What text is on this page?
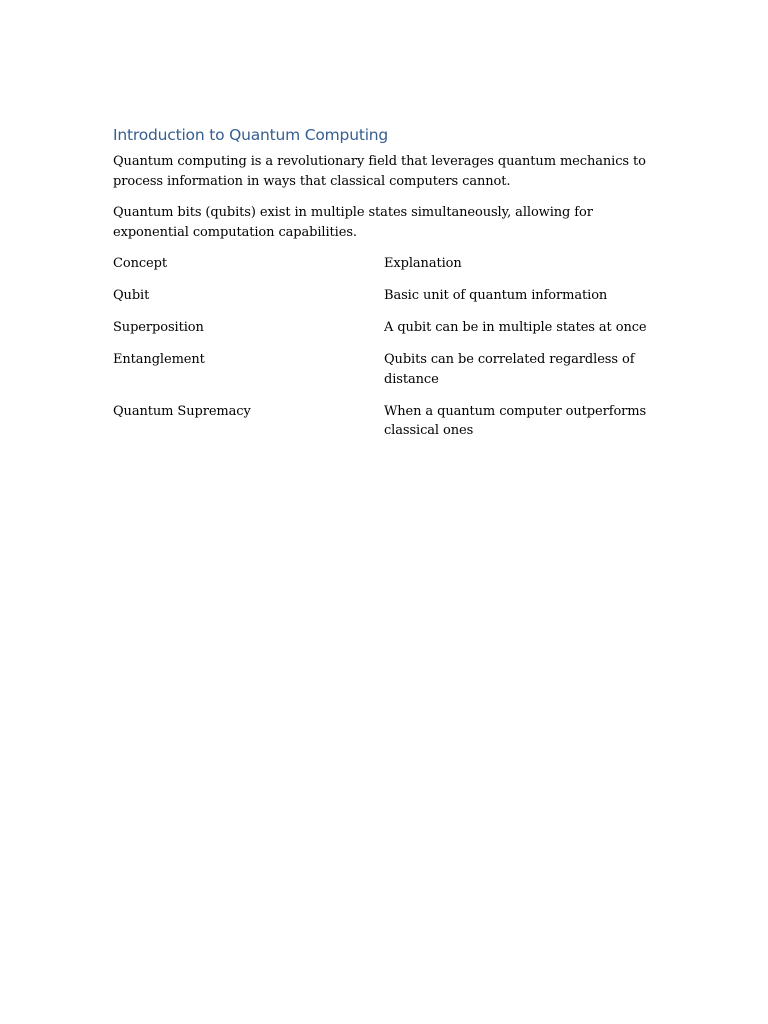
Introduction to Quantum Computing

Quantum computing is a revolutionary field that leverages quantum mechanics to process information in ways that classical computers cannot.

Quantum bits (qubits) exist in multiple states simultaneously, allowing for exponential computation capabilities.

Concept	Explanation
Qubit	Basic unit of quantum information
Superposition	A qubit can be in multiple states at once
Entanglement	Qubits can be correlated regardless of distance
Quantum Supremacy	When a quantum computer outperforms classical ones
